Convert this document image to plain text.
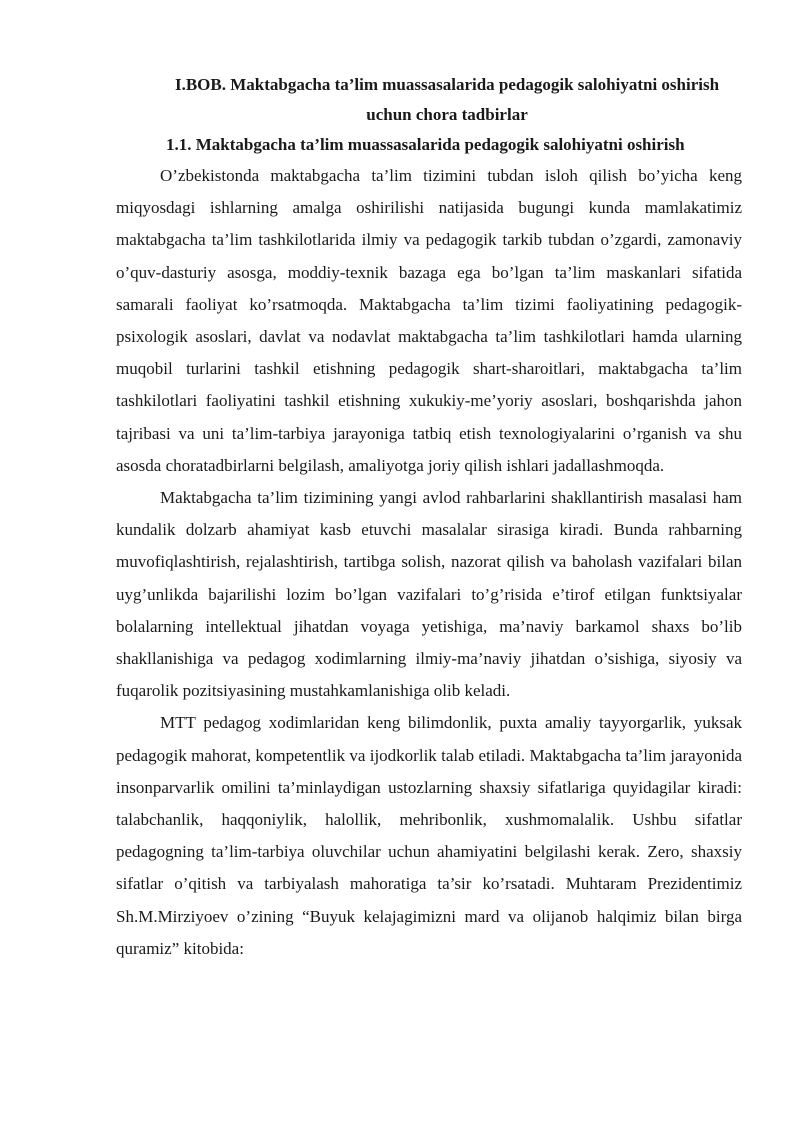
I.BOB. Maktabgacha ta’lim muassasalarida pedagogik salohiyatni oshirish uchun chora tadbirlar
1.1. Maktabgacha ta’lim muassasalarida pedagogik salohiyatni oshirish

O’zbekistonda maktabgacha ta’lim tizimini tubdan isloh qilish bo’yicha keng miqyosdagi ishlarning amalga oshirilishi natijasida bugungi kunda mamlakatimiz maktabgacha ta’lim tashkilotlarida ilmiy va pedagogik tarkib tubdan o’zgardi, zamonaviy o’quv-dasturiy asosga, moddiy-texnik bazaga ega bo’lgan ta’lim maskanlari sifatida samarali faoliyat ko’rsatmoqda. Maktabgacha ta’lim tizimi faoliyatining pedagogik-psixologik asoslari, davlat va nodavlat maktabgacha ta’lim tashkilotlari hamda ularning muqobil turlarini tashkil etishning pedagogik shart-sharoitlari, maktabgacha ta’lim tashkilotlari faoliyatini tashkil etishning xukukiy-me’yoriy asoslari, boshqarishda jahon tajribasi va uni ta’lim-tarbiya jarayoniga tatbiq etish texnologiyalarini o’rganish va shu asosda choratadbirlarni belgilash, amaliyotga joriy qilish ishlari jadallashmoqda.

Maktabgacha ta’lim tizimining yangi avlod rahbarlarini shakllantirish masalasi ham kundalik dolzarb ahamiyat kasb etuvchi masalalar sirasiga kiradi. Bunda rahbarning muvofiqlashtirish, rejalashtirish, tartibga solish, nazorat qilish va baholash vazifalari bilan uyg’unlikda bajarilishi lozim bo’lgan vazifalari to’g’risida e’tirof etilgan funktsiyalar bolalarning intellektual jihatdan voyaga yetishiga, ma’naviy barkamol shaxs bo’lib shakllanishiga va pedagog xodimlarning ilmiy-ma’naviy jihatdan o’sishiga, siyosiy va fuqarolik pozitsiyasining mustahkamlanishiga olib keladi.

MTT pedagog xodimlaridan keng bilimdonlik, puxta amaliy tayyorgarlik, yuksak pedagogik mahorat, kompetentlik va ijodkorlik talab etiladi. Maktabgacha ta’lim jarayonida insonparvarlik omilini ta’minlaydigan ustozlarning shaxsiy sifatlariga quyidagilar kiradi: talabchanlik, haqqoniylik, halollik, mehribonlik, xushmomalalik. Ushbu sifatlar pedagogning ta’lim-tarbiya oluvchilar uchun ahamiyatini belgilashi kerak. Zero, shaxsiy sifatlar o’qitish va tarbiyalash mahoratiga ta’sir ko’rsatadi. Muhtaram Prezidentimiz Sh.M.Mirziyoev o’zining “Buyuk kelajagimizni mard va olijanob halqimiz bilan birga quramiz” kitobida:
